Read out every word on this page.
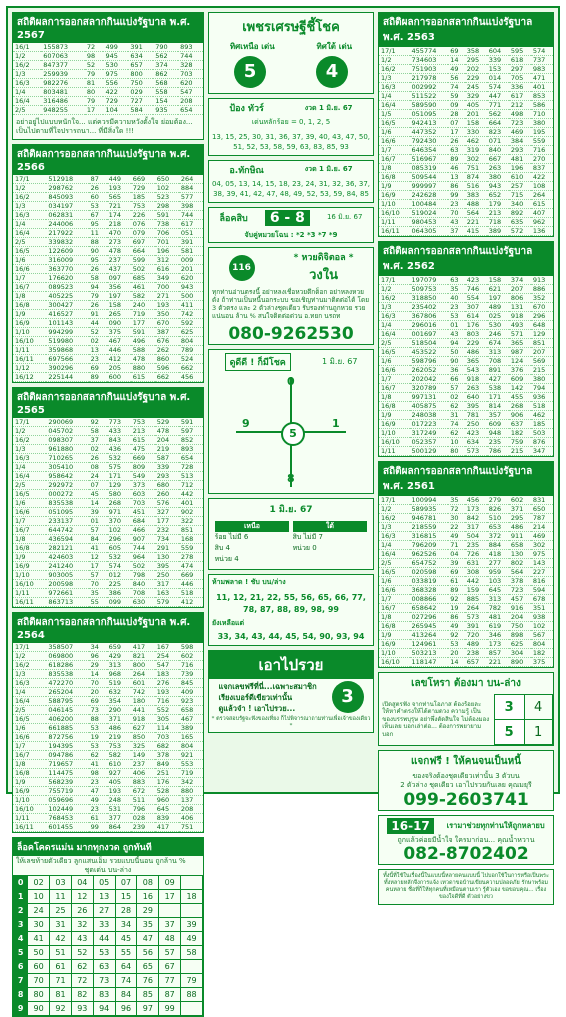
สถิติผลการออกสลากกินแบ่งรัฐบาล พ.ศ. 2567
16/1	155873	72	499	391	790	893
1/2	607063	98	945	634	562	744
16/2	847377	52	530	657	374	328
1/3	259939	79	975	800	862	703
16/3	982276	81	556	750	568	620
1/4	803481	80	422	029	558	547
16/4	316486	79	729	727	154	208
2/5	948255	17	104	584	935	654
อย่าอยู่ไปแบบหนักใจ... แต่ควรมีความหวังตั้งใจ ย่อมต้อง... เป็นไปตามที่ใจปรารถนา... ที่มีสิ่งใด !!!
สถิติผลการออกสลากกินแบ่งรัฐบาล พ.ศ. 2566
17/1	512918	87	449	669	650	264
1/2	298762	26	193	729	102	884
16/2	845093	60	565	185	523	577
1/3	034197	53	721	753	298	398
16/3	062831	67	174	226	591	744
1/4	244006	95	218	076	738	617
16/4	217922	11	470	079	706	051
2/5	339832	88	273	697	701	391
16/5	122609	90	478	664	196	581
1/6	316009	95	237	599	312	009
16/6	363770	26	437	502	616	201
1/7	176620	58	097	685	349	620
16/7	089523	94	356	461	700	943
1/8	405225	79	197	582	271	500
16/8	300427	26	158	240	193	411
1/9	416527	91	265	719	350	742
16/9	101143	44	090	177	670	592
1/10	994299	52	375	591	387	625
16/10	519980	02	467	496	676	804
1/11	359868	13	446	588	262	789
16/11	697566	23	412	478	860	524
1/12	390296	69	205	880	596	662
16/12	225144	89	600	615	662	456
สถิติผลการออกสลากกินแบ่งรัฐบาล พ.ศ. 2565
17/1	290069	92	773	753	529	591
1/2	045702	58	433	213	478	597
16/2	098307	37	843	615	204	852
1/3	961880	02	436	475	219	893
16/3	710265	26	532	669	587	654
1/4	305410	08	575	809	339	728
16/4	958642	24	171	549	293	513
2/5	292972	07	129	373	680	712
16/5	000272	45	580	603	260	442
1/6	835538	14	268	703	576	401
16/6	051095	39	971	451	327	902
1/7	233137	01	370	684	177	322
16/7	644742	57	102	466	232	851
1/8	436594	84	296	907	734	168
16/8	282121	41	605	744	291	559
1/9	424603	12	532	964	130	278
16/9	241240	17	574	502	395	474
1/10	903005	57	012	798	250	669
16/10	200598	70	225	840	317	446
1/11	972661	35	386	708	163	518
16/11	863713	55	099	630	579	412
สถิติผลการออกสลากกินแบ่งรัฐบาล พ.ศ. 2564
17/1	358507	34	659	417	167	598
1/2	069800	96	429	821	254	602
16/2	618286	29	313	800	547	716
1/3	835538	14	968	264	183	739
16/3	472270	70	519	601	276	845
1/4	265204	20	632	742	193	409
16/4	588795	69	354	180	716	923
2/5	046145	73	290	441	552	658
16/5	406200	88	371	918	305	467
1/6	661885	53	486	627	114	389
16/6	872756	19	219	850	703	165
1/7	194395	53	753	325	682	804
16/7	094786	62	582	149	378	921
1/8	719657	41	610	237	849	553
16/8	114475	98	927	406	251	719
1/9	568239	23	405	883	176	342
16/9	755719	47	193	672	528	880
1/10	059696	49	248	511	960	137
16/10	102449	23	531	796	645	208
1/11	768453	61	377	028	839	406
16/11	601455	99	864	239	417	751
ล็อคโคดรแม่น มากทุกงวด ถูกทันที
ให้เลขท้ายตัวเดียว ลูกแสนเอ็ม รวยแบบนี้นอน ถูกล้าน %
ชุดเด่น บน-ล่าง
0	02	03	04	05	07	08	09	
1	10	11	12	13	15	16	17	18
2	24	25	26	27	28	29		
3	30	31	32	33	34	35	37	39
4	41	42	43	44	45	47	48	49
5	50	51	52	53	55	56	57	58
6	60	61	62	63	64	65	67	
7	70	71	72	73	74	76	77	79
8	80	81	82	83	84	85	87	88
9	90	92	93	94	96	97	99	
เพชรเศรษฐีชี้โชค
ทิศเหนือ เด่น	ทิศใต้ เด่น
5	4
ป้อง ทัวร์	งวด 1 มิ.ย. 67
เด่นหลักร้อย = 0, 1, 2, 5
13, 15, 25, 30, 31, 36, 37, 39, 40, 43, 47, 50, 51, 52, 53, 58, 59, 63, 83, 85, 93
อ.ทักษิณ	งวด 1 มิ.ย. 67
04, 05, 13, 14, 15, 18, 23, 24, 31, 32, 36, 37, 38, 39, 41, 42, 47, 48, 49, 52, 53, 59, 84, 85
ล็อคสิบ	6 - 8	16 มิ.ย. 67
จับคู่หมวยโฉน : *2 *3 *7 *9
116
* หวยดิจิตอล *
วงใน
ทุกท่านอ่านตรงนี้ อย่าหลงเชื่อหวยตึกต็อก อย่าหลงหวยดัง ถ้าท่านเป็นหนี้นอกระบบ ขอเชิญท่านมาติดต่อได้ โดย 3 ตัวตรง และ 2 ตัวล่างชุดเดียว รับรองท่านถูกหวย รวย แน่นอน ล้าน % สนใจติดต่อด่วน อ.ทยก นรถท
080-9262530
ดูดีดี ! ก็มีโชค	1 มิ.ย. 67
0
9
5
1
8
1 มิ.ย. 67
เหนือ
ร้อย ไม่มี 6
สิบ 4
หน่วย 4
ใต้
สิบ ไม่มี 7
หน่วย 0
ห้ามพลาด ! ชับ บน/ล่าง
11, 12, 21, 22, 55, 56, 65, 66, 77, 78, 87, 88, 89, 98, 99
ยังเหลือแต่
33, 34, 43, 44, 45, 54, 90, 93, 94
เอาไปรวย
แจกเลขฟรีที่นี่...เฉพาะสมาชิก
เรียงเบอร์ดีเขียวเท่านั้น
ดูแล้วจำ ! เอาไปรวย...
3
* ตรวจสอบรัฐจะฟังของเที่ยง ก็ไปพิจารณาถามท่านเพื่อเจ้าของเดียว *
สถิติผลการออกสลากกินแบ่งรัฐบาล พ.ศ. 2563
17/1	455774	69	358	604	595	574
1/2	734603	14	295	339	618	737
16/2	751903	49	202	153	297	983
1/3	217978	56	229	014	705	471
16/3	002992	74	245	574	336	401
1/4	511522	59	329	447	617	853
16/4	589590	09	405	771	212	586
1/5	051095	28	201	562	498	710
16/5	942413	07	158	664	723	380
1/6	447352	17	330	823	469	195
16/6	792430	26	462	071	384	559
1/7	646354	63	319	840	293	716
16/7	516967	89	302	667	481	270
1/8	085319	46	751	263	196	837
16/8	509544	13	874	380	610	422
1/9	999997	86	516	943	257	108
16/9	242628	99	383	652	715	264
1/10	100484	23	488	179	340	615
16/10	519024	70	564	213	892	407
1/11	980453	43	221	718	635	962
16/11	064305	37	415	389	572	136
สถิติผลการออกสลากกินแบ่งรัฐบาล พ.ศ. 2562
17/1	197079	63	423	158	374	913
1/2	509753	35	746	621	207	886
16/2	318850	40	554	197	806	352
1/3	235402	23	307	489	131	670
16/3	367806	53	614	025	918	296
1/4	296016	01	176	530	493	648
16/4	001697	43	803	246	571	129
2/5	518504	94	229	674	365	851
16/5	453522	50	486	313	987	207
1/6	598796	90	365	708	124	569
16/6	262052	36	543	891	376	215
1/7	202042	66	918	427	609	380
16/7	320789	57	263	538	142	794
1/8	997131	02	640	171	455	936
16/8	405875	62	395	814	268	518
1/9	248038	31	781	357	906	462
16/9	017223	74	250	609	637	185
1/10	317249	62	423	948	182	503
16/10	052357	10	634	235	759	876
1/11	500129	80	573	786	215	347
สถิติผลการออกสลากกินแบ่งรัฐบาล พ.ศ. 2561
17/1	100994	35	456	279	602	831
1/2	589935	72	173	826	371	650
16/2	946781	30	842	510	295	787
1/3	218559	22	317	653	486	214
16/3	316815	49	504	372	911	469
1/4	796209	71	235	884	658	302
16/4	962526	04	726	418	130	975
2/5	654752	39	631	277	802	143
16/5	020598	69	308	959	564	227
1/6	033819	61	442	103	378	816
16/6	368328	89	159	645	723	594
1/7	008866	92	885	313	457	678
16/7	658642	19	264	782	916	351
1/8	027296	86	573	481	204	938
16/8	265945	49	391	619	750	102
1/9	413264	92	720	346	898	567
16/9	124961	53	489	173	625	804
1/10	503213	20	238	857	304	182
16/10	118147	14	657	221	890	375
เลขโหรา ต้องมา บน-ล่าง
เปิดสูตรฟัง จากท่านโอภาส ต้องร้อยละ ให้หาคำตรงให้ได้ตามดวง ความรู้ เป็นของบรรพบุรุษ อย่าพึ่งตัดสินใจ ไม่ต้องมองเห็นเลย บอกเล่าต่อ... ต้องการพยายามบอก
3	4
5	1
แจกฟรี ! ให้คนจนเป็นหนี้
ของจริงต้องชุดเดียวเท่านั้น 3 ตัวบน
2 ตัวล่าง ชุดเดียว เอาไปรวยกันเลย คุณมยุรี
099-2603741
16-17	เรามาช่วยทุกท่านให้ถูกหลายบ
ถูกแล้วค่อยมีน้ำใจ ใครมาก่อน... คุณน้ำหวาน
082-8702402
ทั้งนี้ที่ใช้ในเรื่องนี้ในแบบนี้หลายคนแบบนี้ ไปบอกใช้ในการหรือเป็นพระทั้งหลายหลักจึงการแจ้ง เทวดาขอบ้านเขียนความปลอดภัย รักษาพร้อมคนหลาย ชื่อที่ก็ให้ทุกคนที่เหมือนตามเรา รู้ตัวเอง ขอขอบคุณ... เรื่องของใจดีที่ดี ตัวอย่างขว
